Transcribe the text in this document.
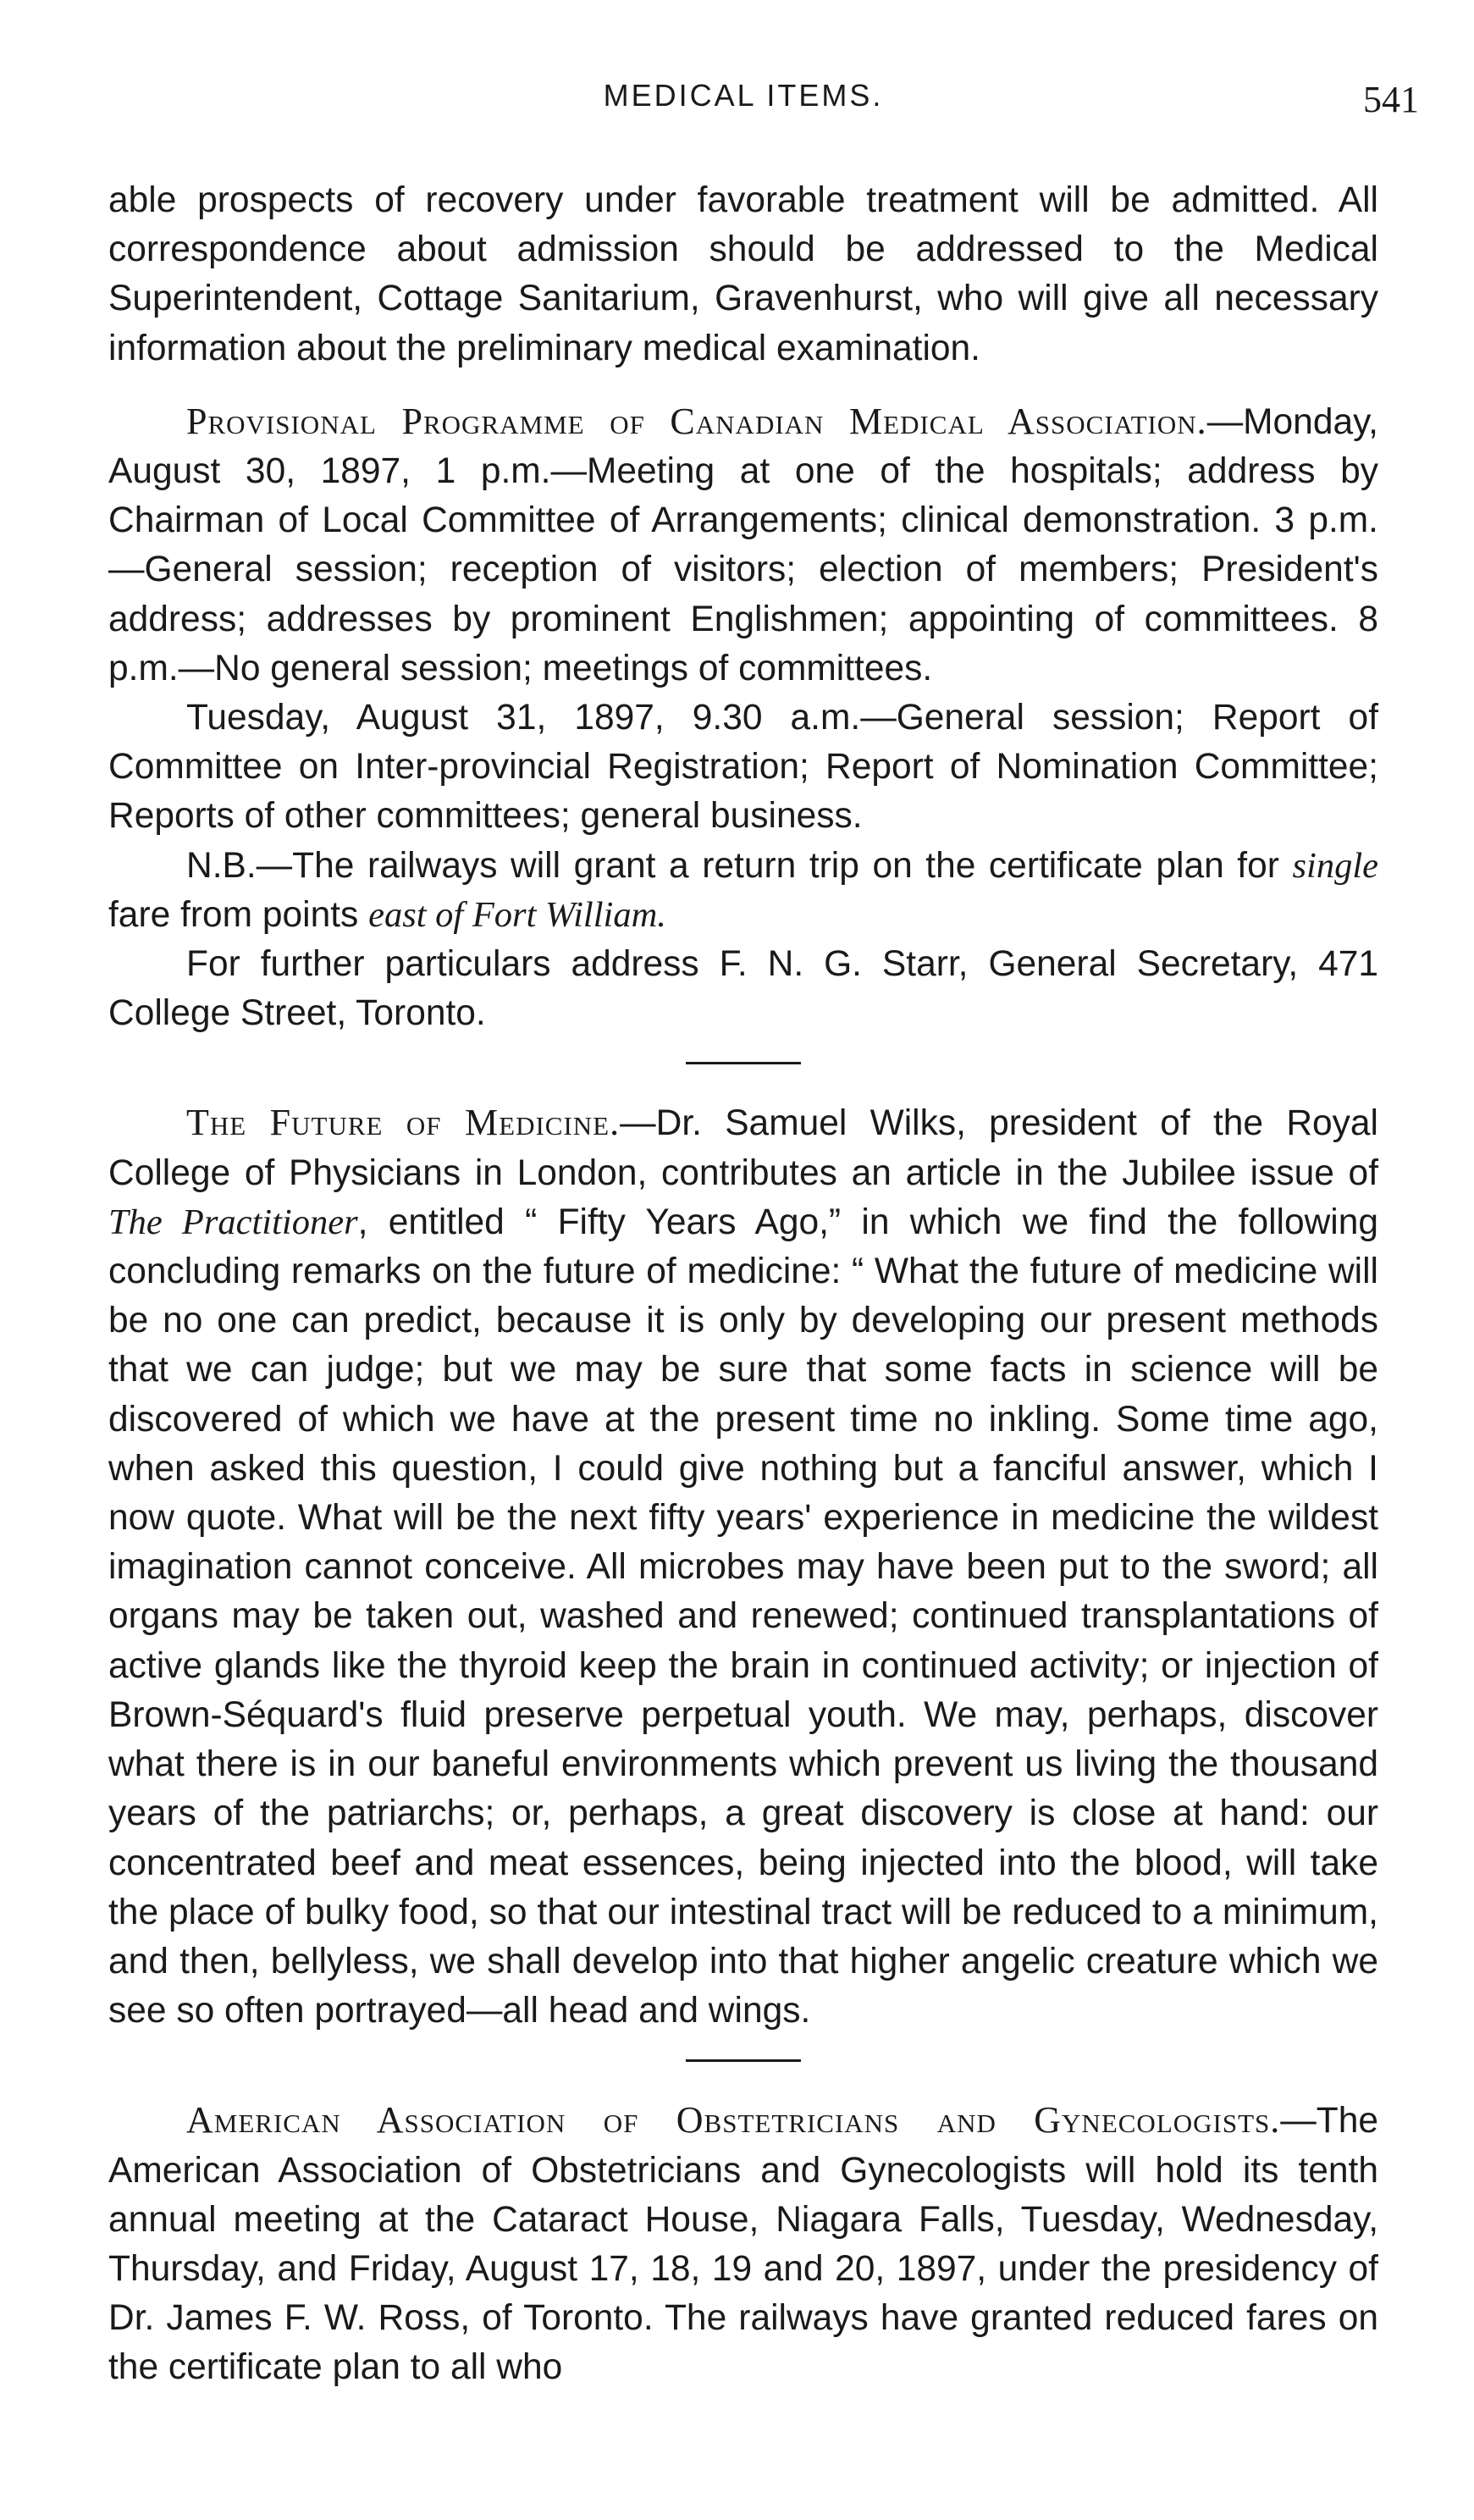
MEDICAL ITEMS.	541

able prospects of recovery under favorable treatment will be admitted. All correspondence about admission should be addressed to the Medical Superintendent, Cottage Sanitarium, Gravenhurst, who will give all necessary information about the preliminary medical examination.

Provisional Programme of Canadian Medical Association.—Monday, August 30, 1897, 1 p.m.—Meeting at one of the hospitals; address by Chairman of Local Committee of Arrangements; clinical demonstration. 3 p.m.—General session; reception of visitors; election of members; President's address; addresses by prominent Englishmen; appointing of committees. 8 p.m.—No general session; meetings of committees.

Tuesday, August 31, 1897, 9.30 a.m.—General session; Report of Committee on Inter-provincial Registration; Report of Nomination Committee; Reports of other committees; general business.

N.B.—The railways will grant a return trip on the certificate plan for single fare from points east of Fort William.

For further particulars address F. N. G. Starr, General Secretary, 471 College Street, Toronto.

The Future of Medicine.—Dr. Samuel Wilks, president of the Royal College of Physicians in London, contributes an article in the Jubilee issue of The Practitioner, entitled “ Fifty Years Ago,” in which we find the following concluding remarks on the future of medicine: “ What the future of medicine will be no one can predict, because it is only by developing our present methods that we can judge; but we may be sure that some facts in science will be discovered of which we have at the present time no inkling. Some time ago, when asked this question, I could give nothing but a fanciful answer, which I now quote. What will be the next fifty years' experience in medicine the wildest imagination cannot conceive. All microbes may have been put to the sword; all organs may be taken out, washed and renewed; continued transplantations of active glands like the thyroid keep the brain in continued activity; or injection of Brown-Séquard's fluid preserve perpetual youth. We may, perhaps, discover what there is in our baneful environments which prevent us living the thousand years of the patriarchs; or, perhaps, a great discovery is close at hand: our concentrated beef and meat essences, being injected into the blood, will take the place of bulky food, so that our intestinal tract will be reduced to a minimum, and then, bellyless, we shall develop into that higher angelic creature which we see so often portrayed—all head and wings.

American Association of Obstetricians and Gynecologists.—The American Association of Obstetricians and Gynecologists will hold its tenth annual meeting at the Cataract House, Niagara Falls, Tuesday, Wednesday, Thursday, and Friday, August 17, 18, 19 and 20, 1897, under the presidency of Dr. James F. W. Ross, of Toronto. The railways have granted reduced fares on the certificate plan to all who
